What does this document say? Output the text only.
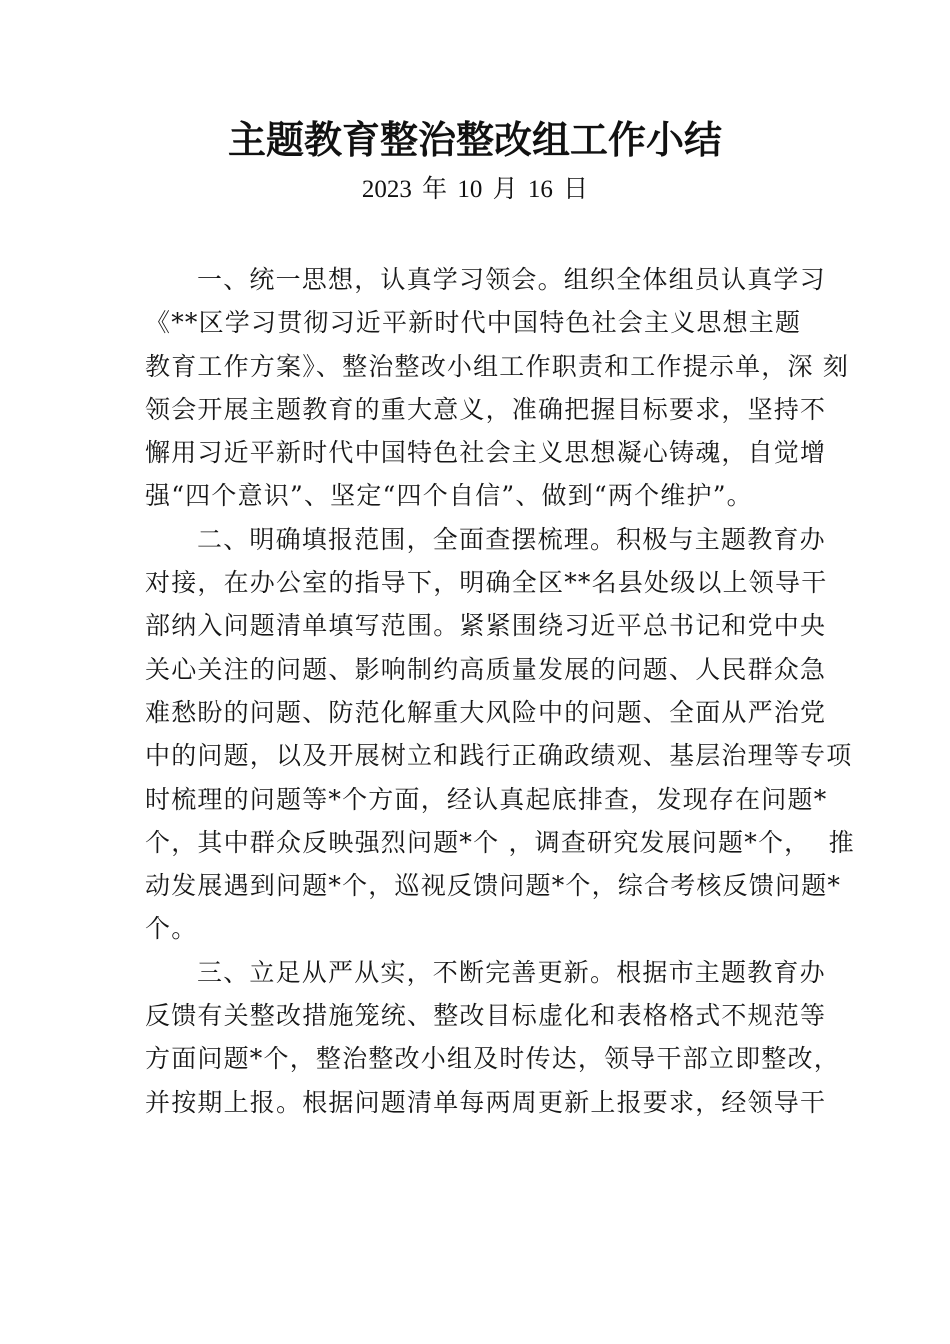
主题教育整治整改组工作小结
2023 年 10 月 16 日
一、统一思想，认真学习领会。组织全体组员认真学习
《**区学习贯彻习近平新时代中国特色社会主义思想主题
教育工作方案》、整治整改小组工作职责和工作提示单，深 刻
领会开展主题教育的重大意义，准确把握目标要求，坚持不
懈用习近平新时代中国特色社会主义思想凝心铸魂，自觉增
强“四个意识”、坚定“四个自信”、做到“两个维护”。
二、明确填报范围，全面查摆梳理。积极与主题教育办
对接，在办公室的指导下，明确全区**名县处级以上领导干
部纳入问题清单填写范围。紧紧围绕习近平总书记和党中央
关心关注的问题、影响制约高质量发展的问题、人民群众急
难愁盼的问题、防范化解重大风险中的问题、全面从严治党
中的问题，以及开展树立和践行正确政绩观、基层治理等专项
时梳理的问题等*个方面，经认真起底排查，发现存在问题*
个，其中群众反映强烈问题*个 ，调查研究发展问题*个，  推
动发展遇到问题*个，巡视反馈问题*个，综合考核反馈问题*
个。
三、立足从严从实，不断完善更新。根据市主题教育办
反馈有关整改措施笼统、整改目标虚化和表格格式不规范等
方面问题*个，整治整改小组及时传达，领导干部立即整改，
并按期上报。根据问题清单每两周更新上报要求，经领导干
